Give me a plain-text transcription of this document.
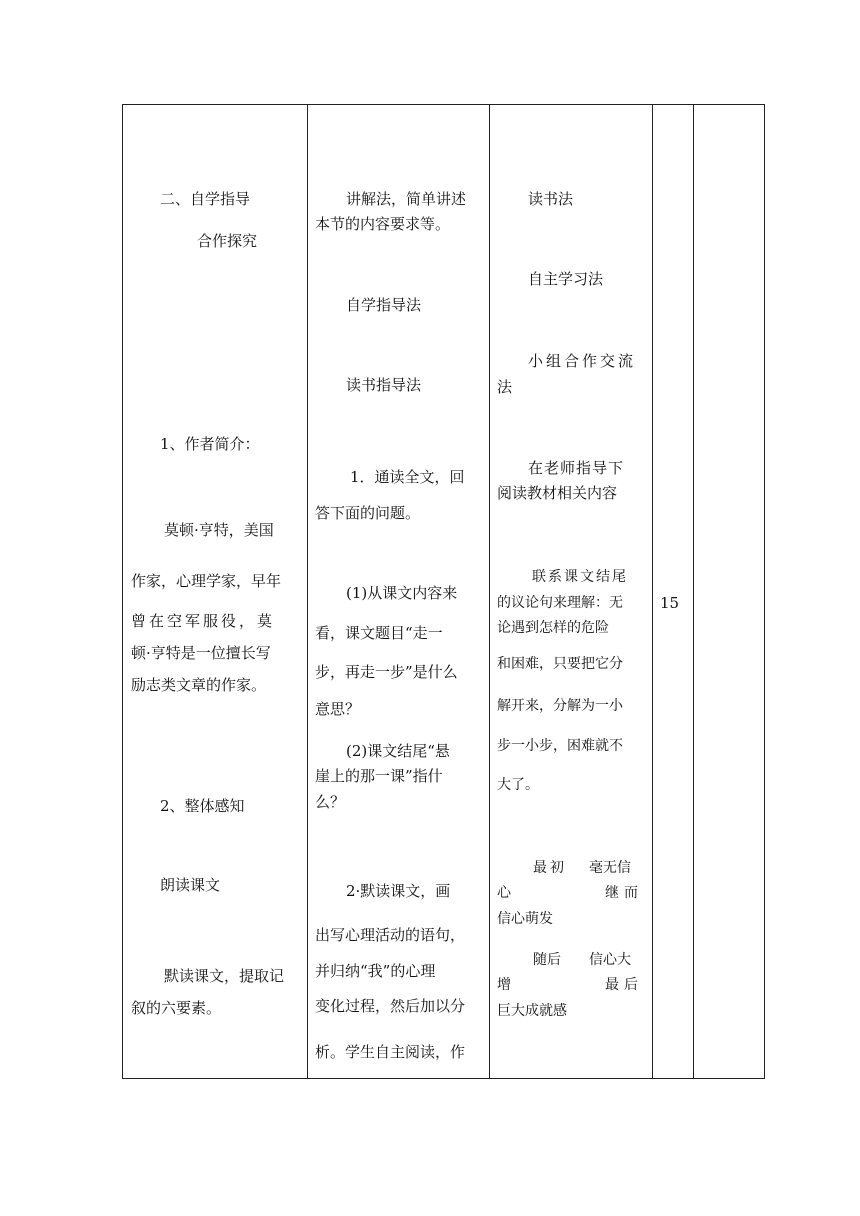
二、自学指导
合作探究
1、作者简介：
莫顿·亨特，美国
作家，心理学家，早年
曾在空军服役，莫
顿·亨特是一位擅长写
励志类文章的作家。
2、整体感知
朗读课文
默读课文，提取记
叙的六要素。
讲解法，简单讲述
本节的内容要求等。
自学指导法
读书指导法
1．通读全文，回
答下面的问题。
(1)从课文内容来
看，课文题目“走一
步，再走一步”是什么
意思？
(2)课文结尾“悬
崖上的那一课”指什
么？
2·默读课文，画
出写心理活动的语句，
并归纳“我”的心理
变化过程，然后加以分
析。学生自主阅读，作
读书法
自主学习法
小组合作交流
法
在老师指导下
阅读教材相关内容
联系课文结尾
的议论句来理解：无
论遇到怎样的危险
和困难，只要把它分
解开来，分解为一小
步一小步，困难就不
大了。
最初 毫无信
心	继而
信心萌发
随后 信心大
增	最后
巨大成就感
15
